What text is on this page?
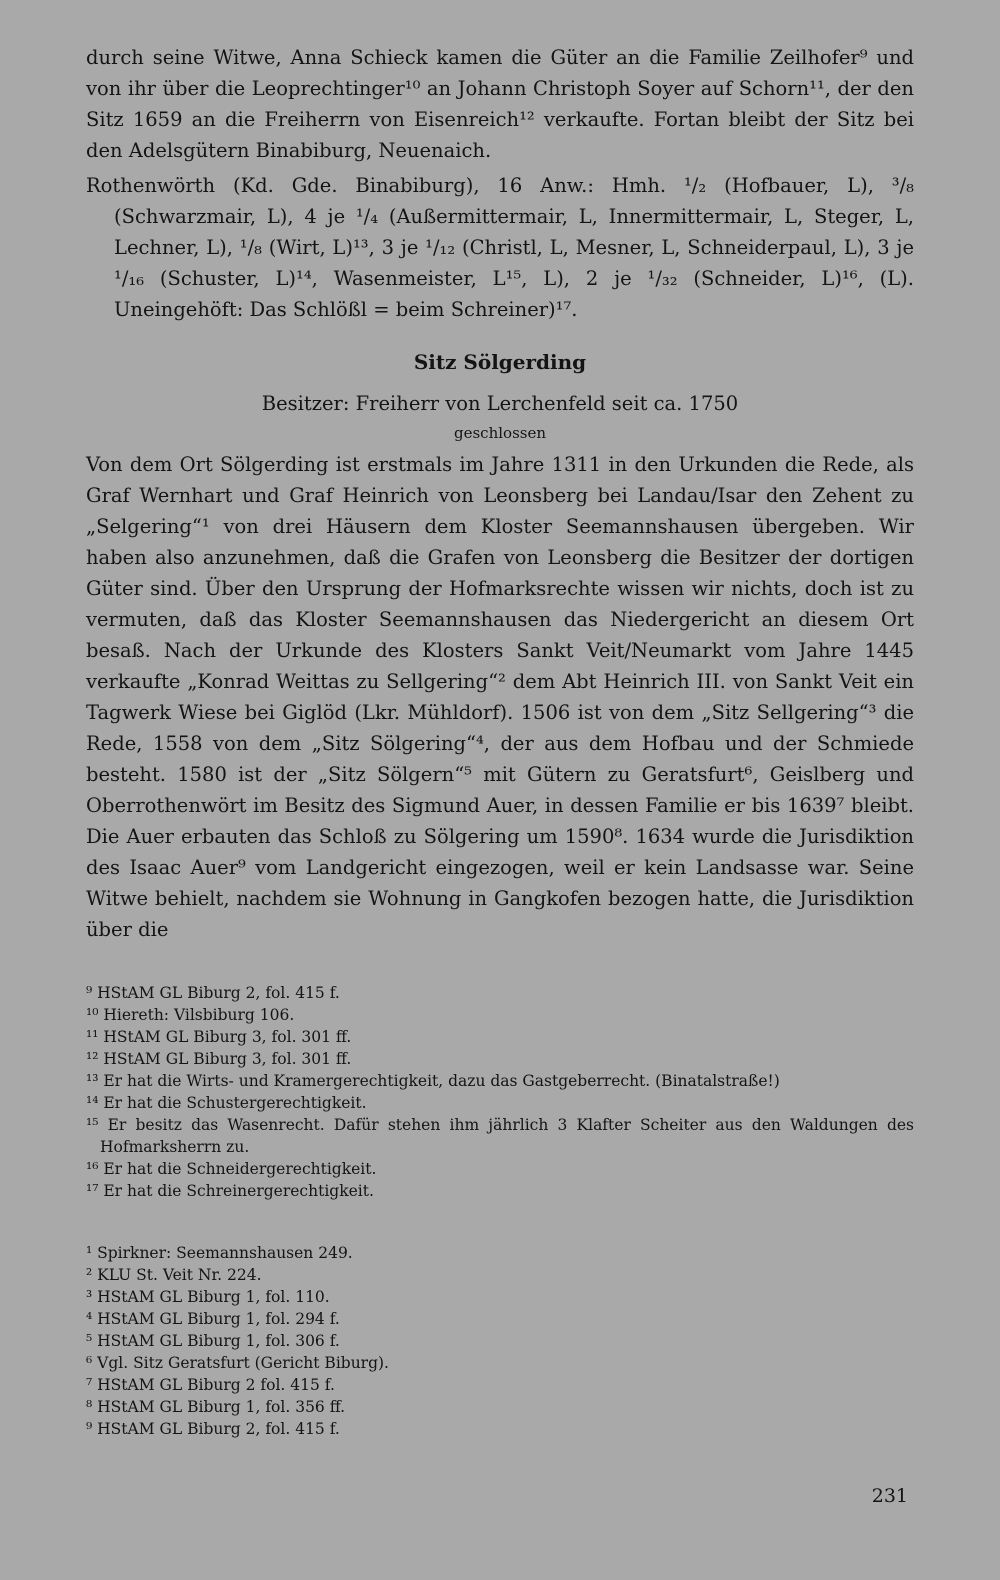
durch seine Witwe, Anna Schieck kamen die Güter an die Familie Zeilhofer⁹ und von ihr über die Leoprechtinger¹⁰ an Johann Christoph Soyer auf Schorn¹¹, der den Sitz 1659 an die Freiherrn von Eisenreich¹² verkaufte. Fortan bleibt der Sitz bei den Adelsgütern Binabiburg, Neuenaich.

Rothenwörth (Kd. Gde. Binabiburg), 16 Anw.: Hmh. ¹/₂ (Hofbauer, L), ³/₈ (Schwarzmair, L), 4 je ¹/₄ (Außermittermair, L, Innermittermair, L, Steger, L, Lechner, L), ¹/₈ (Wirt, L)¹³, 3 je ¹/₁₂ (Christl, L, Mesner, L, Schneiderpaul, L), 3 je ¹/₁₆ (Schuster, L)¹⁴, Wasenmeister, L¹⁵, L), 2 je ¹/₃₂ (Schneider, L)¹⁶, (L). Uneingehöft: Das Schlößl = beim Schreiner)¹⁷.

Sitz Sölgerding

Besitzer: Freiherr von Lerchenfeld seit ca. 1750

geschlossen

Von dem Ort Sölgerding ist erstmals im Jahre 1311 in den Urkunden die Rede, als Graf Wernhart und Graf Heinrich von Leonsberg bei Landau/Isar den Zehent zu „Selgering“¹ von drei Häusern dem Kloster Seemannshausen übergeben. Wir haben also anzunehmen, daß die Grafen von Leonsberg die Besitzer der dortigen Güter sind. Über den Ursprung der Hofmarksrechte wissen wir nichts, doch ist zu vermuten, daß das Kloster Seemannshausen das Niedergericht an diesem Ort besaß. Nach der Urkunde des Klosters Sankt Veit/Neumarkt vom Jahre 1445 verkaufte „Konrad Weittas zu Sellgering“² dem Abt Heinrich III. von Sankt Veit ein Tagwerk Wiese bei Giglöd (Lkr. Mühldorf). 1506 ist von dem „Sitz Sellgering“³ die Rede, 1558 von dem „Sitz Sölgering“⁴, der aus dem Hofbau und der Schmiede besteht. 1580 ist der „Sitz Sölgern“⁵ mit Gütern zu Geratsfurt⁶, Geislberg und Oberrothenwört im Besitz des Sigmund Auer, in dessen Familie er bis 1639⁷ bleibt. Die Auer erbauten das Schloß zu Sölgering um 1590⁸. 1634 wurde die Jurisdiktion des Isaac Auer⁹ vom Landgericht eingezogen, weil er kein Landsasse war. Seine Witwe behielt, nachdem sie Wohnung in Gangkofen bezogen hatte, die Jurisdiktion über die

⁹ HStAM GL Biburg 2, fol. 415 f.

¹⁰ Hiereth: Vilsbiburg 106.

¹¹ HStAM GL Biburg 3, fol. 301 ff.

¹² HStAM GL Biburg 3, fol. 301 ff.

¹³ Er hat die Wirts- und Kramergerechtigkeit, dazu das Gastgeberrecht. (Binatalstraße!)

¹⁴ Er hat die Schustergerechtigkeit.

¹⁵ Er besitz das Wasenrecht. Dafür stehen ihm jährlich 3 Klafter Scheiter aus den Waldungen des Hofmarksherrn zu.

¹⁶ Er hat die Schneidergerechtigkeit.

¹⁷ Er hat die Schreinergerechtigkeit.

¹ Spirkner: Seemannshausen 249.

² KLU St. Veit Nr. 224.

³ HStAM GL Biburg 1, fol. 110.

⁴ HStAM GL Biburg 1, fol. 294 f.

⁵ HStAM GL Biburg 1, fol. 306 f.

⁶ Vgl. Sitz Geratsfurt (Gericht Biburg).

⁷ HStAM GL Biburg 2 fol. 415 f.

⁸ HStAM GL Biburg 1, fol. 356 ff.

⁹ HStAM GL Biburg 2, fol. 415 f.

231
